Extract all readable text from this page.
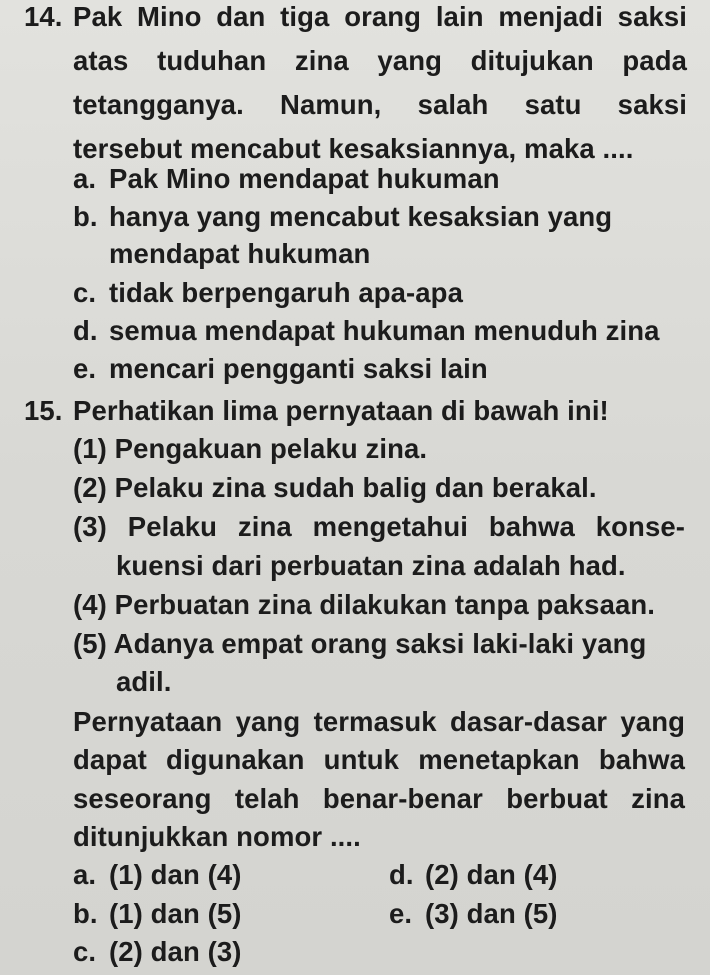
14. Pak Mino dan tiga orang lain menjadi saksi
atas tuduhan zina yang ditujukan pada
tetangganya. Namun, salah satu saksi
tersebut mencabut kesaksiannya, maka ....
a. Pak Mino mendapat hukuman
b. hanya yang mencabut kesaksian yang
mendapat hukuman
c. tidak berpengaruh apa-apa
d. semua mendapat hukuman menuduh zina
e. mencari pengganti saksi lain
15. Perhatikan lima pernyataan di bawah ini!
(1) Pengakuan pelaku zina.
(2) Pelaku zina sudah balig dan berakal.
(3) Pelaku zina mengetahui bahwa konse-
kuensi dari perbuatan zina adalah had.
(4) Perbuatan zina dilakukan tanpa paksaan.
(5) Adanya empat orang saksi laki-laki yang
adil.
Pernyataan yang termasuk dasar-dasar yang
dapat digunakan untuk menetapkan bahwa
seseorang telah benar-benar berbuat zina
ditunjukkan nomor ....
a. (1) dan (4)	d. (2) dan (4)
b. (1) dan (5)	e. (3) dan (5)
c. (2) dan (3)
